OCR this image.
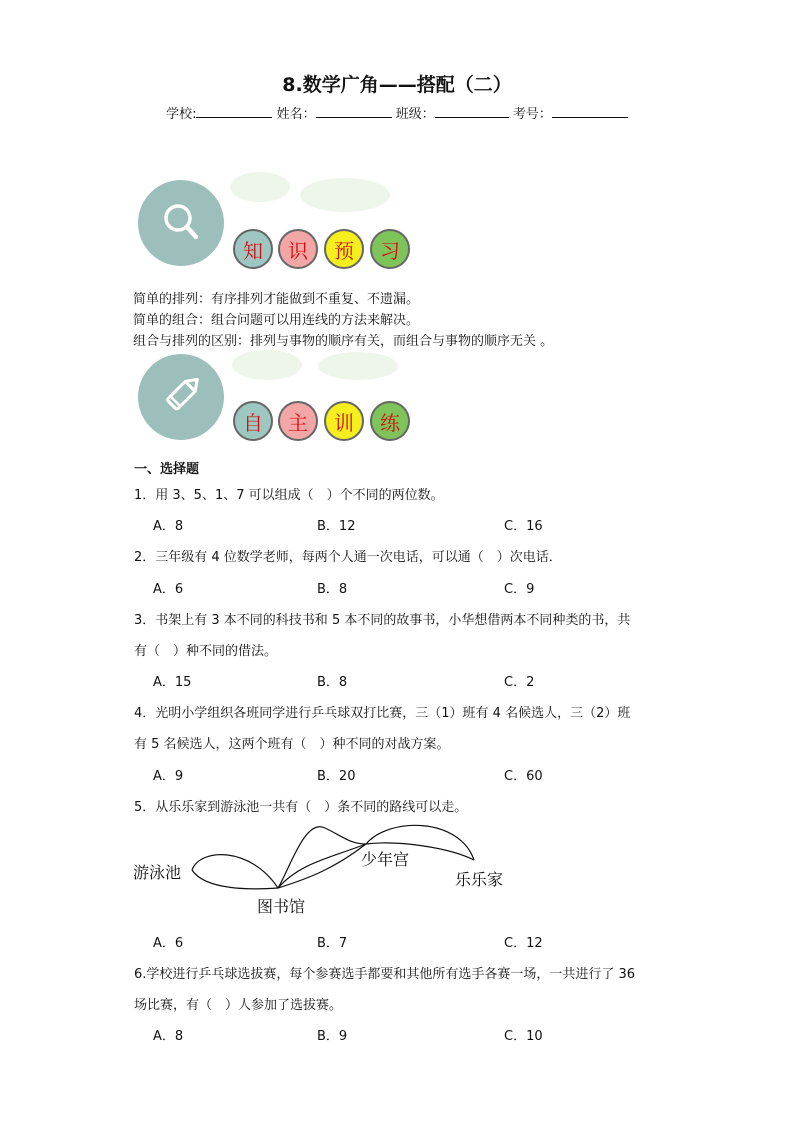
8.数学广角——搭配（二）
学校:	姓名：	班级：	考号：
知	识	预	习
简单的排列：有序排列才能做到不重复、不遗漏。
简单的组合：组合问题可以用连线的方法来解决。
组合与排列的区别：排列与事物的顺序有关，而组合与事物的顺序无关 。
自	主	训	练
一、选择题
1．用 3、5、1、7 可以组成（　）个不同的两位数。
A．8	B．12	C．16
2．三年级有 4 位数学老师，每两个人通一次电话，可以通（　）次电话．
A．6	B．8	C．9
3．书架上有 3 本不同的科技书和 5 本不同的故事书，小华想借两本不同种类的书，共
有（　）种不同的借法。
A．15	B．8	C．2
4．光明小学组织各班同学进行乒乓球双打比赛，三（1）班有 4 名候选人，三（2）班
有 5 名候选人，这两个班有（　）种不同的对战方案。
A．9	B．20	C．60
5．从乐乐家到游泳池一共有（　）条不同的路线可以走。
游泳池
图书馆
少年宫
乐乐家
A．6	B．7	C．12
6.学校进行乒乓球选拔赛，每个参赛选手都要和其他所有选手各赛一场，一共进行了 36
场比赛，有（　）人参加了选拔赛。
A．8	B．9	C．10
